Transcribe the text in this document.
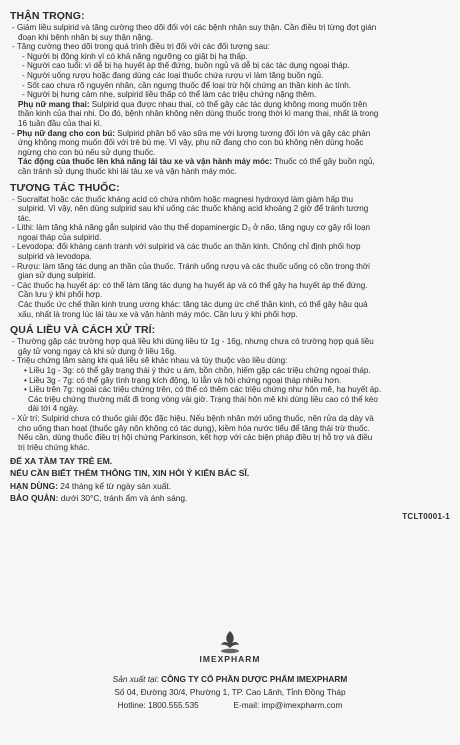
THẬN TRỌNG:

- Giảm liều sulpirid và tăng cường theo dõi đối với các bệnh nhân suy thận. Cần điều trị từng đợt gián

đoạn khi bệnh nhân bị suy thận nặng.

- Tăng cường theo dõi trong quá trình điều trị đối với các đối tượng sau:

- Người bị động kinh vì có khả năng ngưỡng co giật bị hạ thấp.

- Người cao tuổi: vì dễ bị hạ huyết áp thế đứng, buồn ngủ và dễ bị các tác dụng ngoại tháp.

- Người uống rượu hoặc đang dùng các loại thuốc chứa rượu vì làm tăng buồn ngủ.

- Sốt cao chưa rõ nguyên nhân, cần ngưng thuốc để loại trừ hội chứng an thần kinh ác tính.

- Người bị hưng cảm nhẹ, sulpirid liều thấp có thể làm các triệu chứng nặng thêm.

Phụ nữ mang thai: Sulpirid qua được nhau thai, có thể gây các tác dụng không mong muốn trên

thần kinh của thai nhi. Do đó, bệnh nhân không nên dùng thuốc trong thời kì mang thai, nhất là trong

16 tuần đầu của thai kì.

- Phụ nữ đang cho con bú: Sulpirid phân bố vào sữa mẹ với lượng tương đối lớn và gây các phản

ứng không mong muốn đối với trẻ bú mẹ. Vì vậy, phụ nữ đang cho con bú không nên dùng hoặc

ngừng cho con bú nếu sử dụng thuốc.

Tác động của thuốc lên khả năng lái tàu xe và vận hành máy móc: Thuốc có thể gây buồn ngủ,

cần tránh sử dụng thuốc khi lái tàu xe và vận hành máy móc.

TƯƠNG TÁC THUỐC:

- Sucralfat hoặc các thuốc kháng acid có chứa nhôm hoặc magnesi hydroxyd làm giảm hấp thu

sulpirid. Vì vậy, nên dùng sulpirid sau khi uống các thuốc kháng acid khoảng 2 giờ để tránh tương

tác.

- Lithi: làm tăng khả năng gắn sulpirid vào thụ thể dopaminergic D₂ ở não, tăng nguy cơ gây rối loạn

ngoại tháp của sulpirid.

- Levodopa: đối kháng cạnh tranh với sulpirid và các thuốc an thần kinh. Chống chỉ định phối hợp

sulpirid và levodopa.

- Rượu: làm tăng tác dụng an thần của thuốc. Tránh uống rượu và các thuốc uống có cồn trong thời

gian sử dụng sulpirid.

- Các thuốc hạ huyết áp: có thể làm tăng tác dụng hạ huyết áp và có thể gây hạ huyết áp thế đứng.

Cần lưu ý khi phối hợp.

Các thuốc ức chế thần kinh trung ương khác: tăng tác dụng ức chế thần kinh, có thể gây hậu quả

xấu, nhất là trong lúc lái tàu xe và vận hành máy móc. Cần lưu ý khi phối hợp.

QUÁ LIỀU VÀ CÁCH XỬ TRÍ:

- Thường gặp các trường hợp quá liều khi dùng liều từ 1g - 16g, nhưng chưa có trường hợp quá liều

gây tử vong ngay cả khi sử dụng ở liều 16g.

- Triệu chứng lâm sàng khi quá liều sẽ khác nhau và tùy thuộc vào liều dùng:

• Liều 1g - 3g: có thể gây trạng thái ý thức u ám, bồn chồn, hiếm gặp các triệu chứng ngoại tháp.

• Liều 3g - 7g: có thể gây tình trạng kích động, lú lẫn và hội chứng ngoại tháp nhiều hơn.

• Liều trên 7g: ngoài các triệu chứng trên, có thể có thêm các triệu chứng như hôn mê, hạ huyết áp.

Các triệu chứng thường mất đi trong vòng vài giờ. Trạng thái hôn mê khi dùng liều cao có thể kéo

dài tới 4 ngày.

- Xử trí: Sulpirid chưa có thuốc giải độc đặc hiệu. Nếu bệnh nhân mới uống thuốc, nên rửa dạ dày và

cho uống than hoạt (thuốc gây nôn không có tác dụng), kiềm hóa nước tiểu để tăng thải trừ thuốc.

Nếu cần, dùng thuốc điều trị hội chứng Parkinson, kết hợp với các biện pháp điều trị hỗ trợ và điều

trị triệu chứng khác.

ĐỂ XA TẦM TAY TRẺ EM.
NẾU CẦN BIẾT THÊM THÔNG TIN, XIN HỎI Ý KIẾN BÁC SĨ.

HẠN DÙNG: 24 tháng kể từ ngày sản xuất.

BẢO QUẢN: dưới 30°C, tránh ẩm và ánh sáng.

TCLT0001-1
IMEXPHARM
Sản xuất tại: CÔNG TY CỔ PHẦN DƯỢC PHẨM IMEXPHARM
Số 04, Đường 30/4, Phường 1, TP. Cao Lãnh, Tỉnh Đồng Tháp
Hotline: 1800.555.535	E-mail: imp@imexpharm.com
